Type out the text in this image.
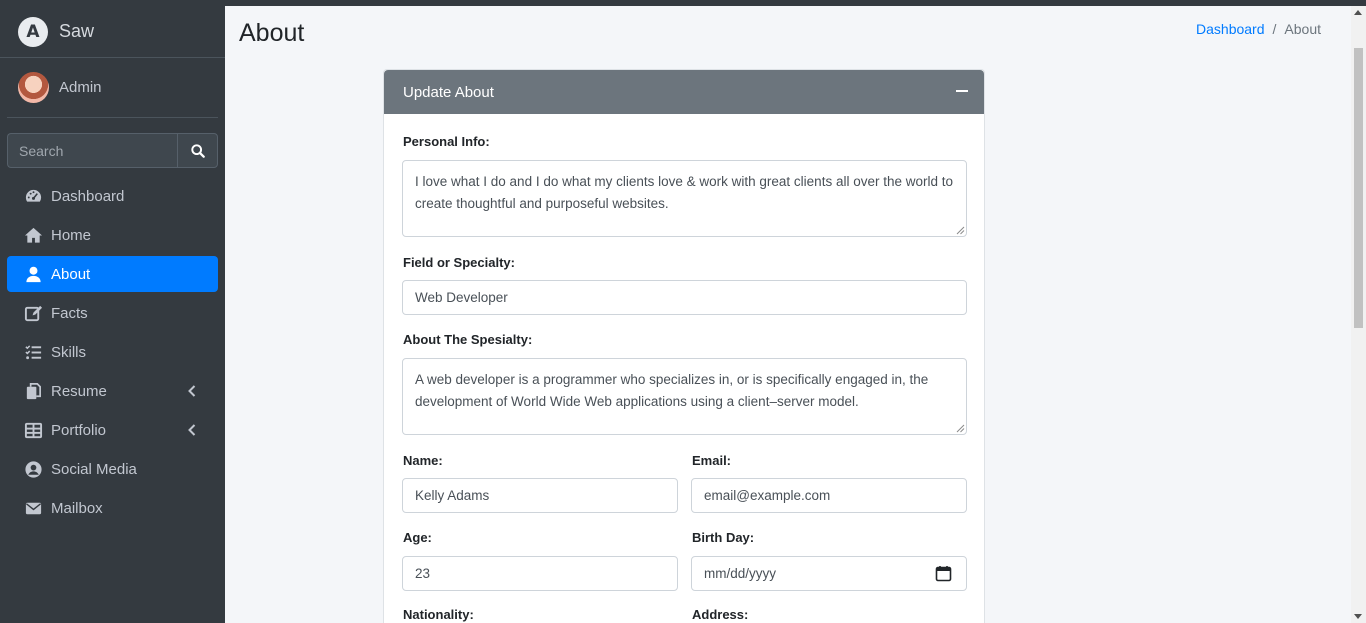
A Saw
Admin
Search
Dashboard
Home
About
Facts
Skills
Resume
Portfolio
Social Media
Mailbox
About	Dashboard / About
Update About
Personal Info:
I love what I do and I do what my clients love & work with great clients all over the world to create thoughtful and purposeful websites.
Field or Specialty:
Web Developer
About The Spesialty:
A web developer is a programmer who specializes in, or is specifically engaged in, the development of World Wide Web applications using a client–server model.
Name:
Kelly Adams
Email:
email@example.com
Age:
23
Birth Day:
mm/dd/yyyy
Nationality:	Address:
